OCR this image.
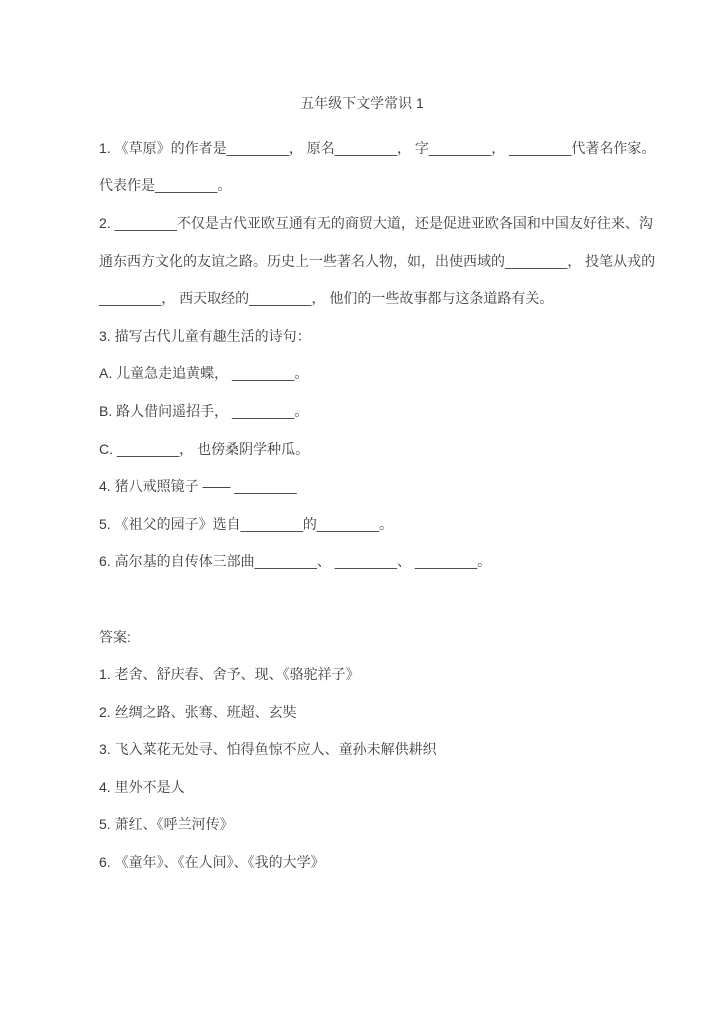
五年级下文学常识 1
1. 《草原》的作者是________， 原名________， 字________， ________代著名作家。
代表作是________。
2. ________不仅是古代亚欧互通有无的商贸大道，还是促进亚欧各国和中国友好往来、沟
通东西方文化的友谊之路。历史上一些著名人物，如，出使西域的________， 投笔从戎的
________， 西天取经的________， 他们的一些故事都与这条道路有关。
3. 描写古代儿童有趣生活的诗句：
A. 儿童急走追黄蝶， ________。
B. 路人借问遥招手， ________。
C. ________， 也傍桑阴学种瓜。
4. 猪八戒照镜子 —— ________
5. 《祖父的园子》选自________的________。
6. 高尔基的自传体三部曲________、 ________、 ________。
答案:
1. 老舍、舒庆春、舍予、现、《骆驼祥子》
2. 丝绸之路、张骞、班超、玄奘
3. 飞入菜花无处寻、怕得鱼惊不应人、童孙未解供耕织
4. 里外不是人
5. 萧红、《呼兰河传》
6. 《童年》、《在人间》、《我的大学》
